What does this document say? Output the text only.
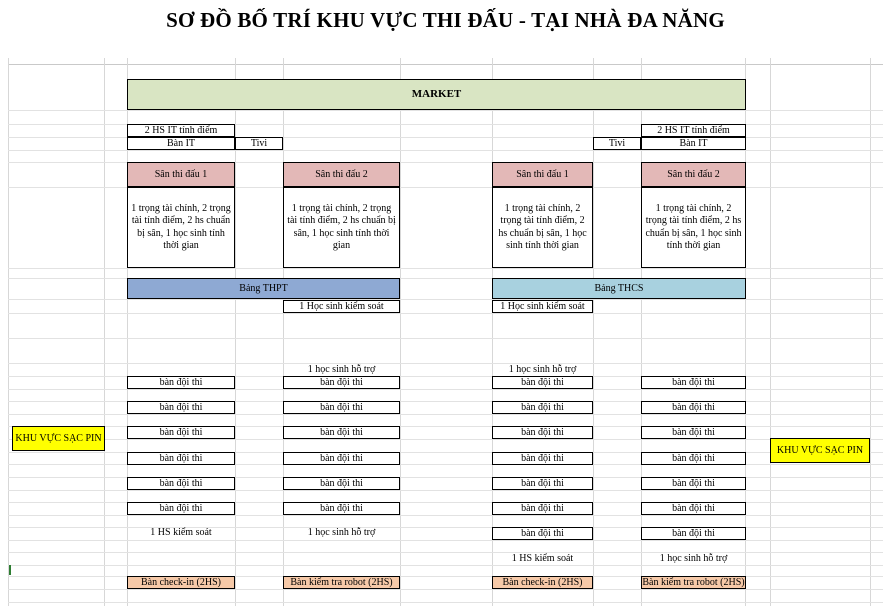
SƠ ĐỒ BỐ TRÍ KHU VỰC THI ĐẤU - TẠI NHÀ ĐA NĂNG
MARKET
2 HS IT tính điểm
Bàn IT	Tivi
2 HS IT tính điểm
Tivi	Bàn IT
Sân thi đấu 1
1 trọng tài chính, 2 trọng tài tính điểm, 2 hs chuẩn bị sân, 1 học sinh tính thời gian
Sân thi đấu 2
1 trọng tài chính, 2 trọng tài tính điểm, 2 hs chuẩn bị sân, 1 học sinh tính thời gian
Sân thi đấu 1
1 trọng tài chính, 2 trọng tài tính điểm, 2 hs chuẩn bị sân, 1 học sinh tính thời gian
Sân thi đấu 2
1 trọng tài chính, 2 trọng tài tính điểm, 2 hs chuẩn bị sân, 1 học sinh tính thời gian
Bảng THPT	Bảng THCS
1 Học sinh kiểm soát	1 Học sinh kiểm soát
1 học sinh hỗ trợ	1 học sinh hỗ trợ
bàn đội thi
bàn đội thi
bàn đội thi
bàn đội thi
bàn đội thi
bàn đội thi
bàn đội thi
bàn đội thi
bàn đội thi
bàn đội thi
bàn đội thi
bàn đội thi
bàn đội thi
bàn đội thi
bàn đội thi
bàn đội thi
bàn đội thi
bàn đội thi
bàn đội thi
bàn đội thi
bàn đội thi
bàn đội thi
bàn đội thi
bàn đội thi
bàn đội thi
bàn đội thi
1 HS kiểm soát	1 học sinh hỗ trợ
1 HS kiểm soát	1 học sinh hỗ trợ
Bàn check-in (2HS)	Bàn kiểm tra robot (2HS)	Bàn check-in (2HS)	Bàn kiểm tra robot (2HS)
KHU VỰC SẠC PIN
KHU VỰC SẠC PIN
